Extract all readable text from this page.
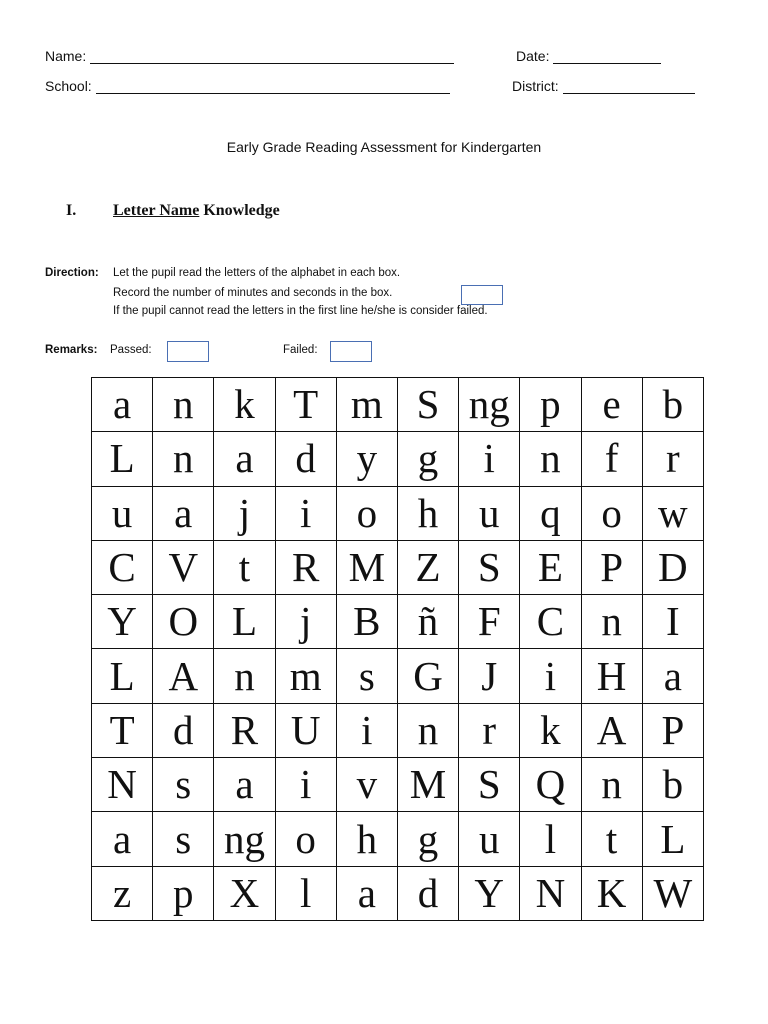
Name:	Date:
School:	District:
Early Grade Reading Assessment for Kindergarten
I. Letter Name Knowledge
Direction: Let the pupil read the letters of the alphabet in each box.
Record the number of minutes and seconds in the box.
If the pupil cannot read the letters in the first line he/she is consider failed.
Remarks: Passed:	Failed:
a	n	k	T	m	S	ng	p	e	b
L	n	a	d	y	g	i	n	f	r
u	a	j	i	o	h	u	q	o	w
C	V	t	R	M	Z	S	E	P	D
Y	O	L	j	B	ñ	F	C	n	I
L	A	n	m	s	G	J	i	H	a
T	d	R	U	i	n	r	k	A	P
N	s	a	i	v	M	S	Q	n	b
a	s	ng	o	h	g	u	l	t	L
z	p	X	l	a	d	Y	N	K	W
